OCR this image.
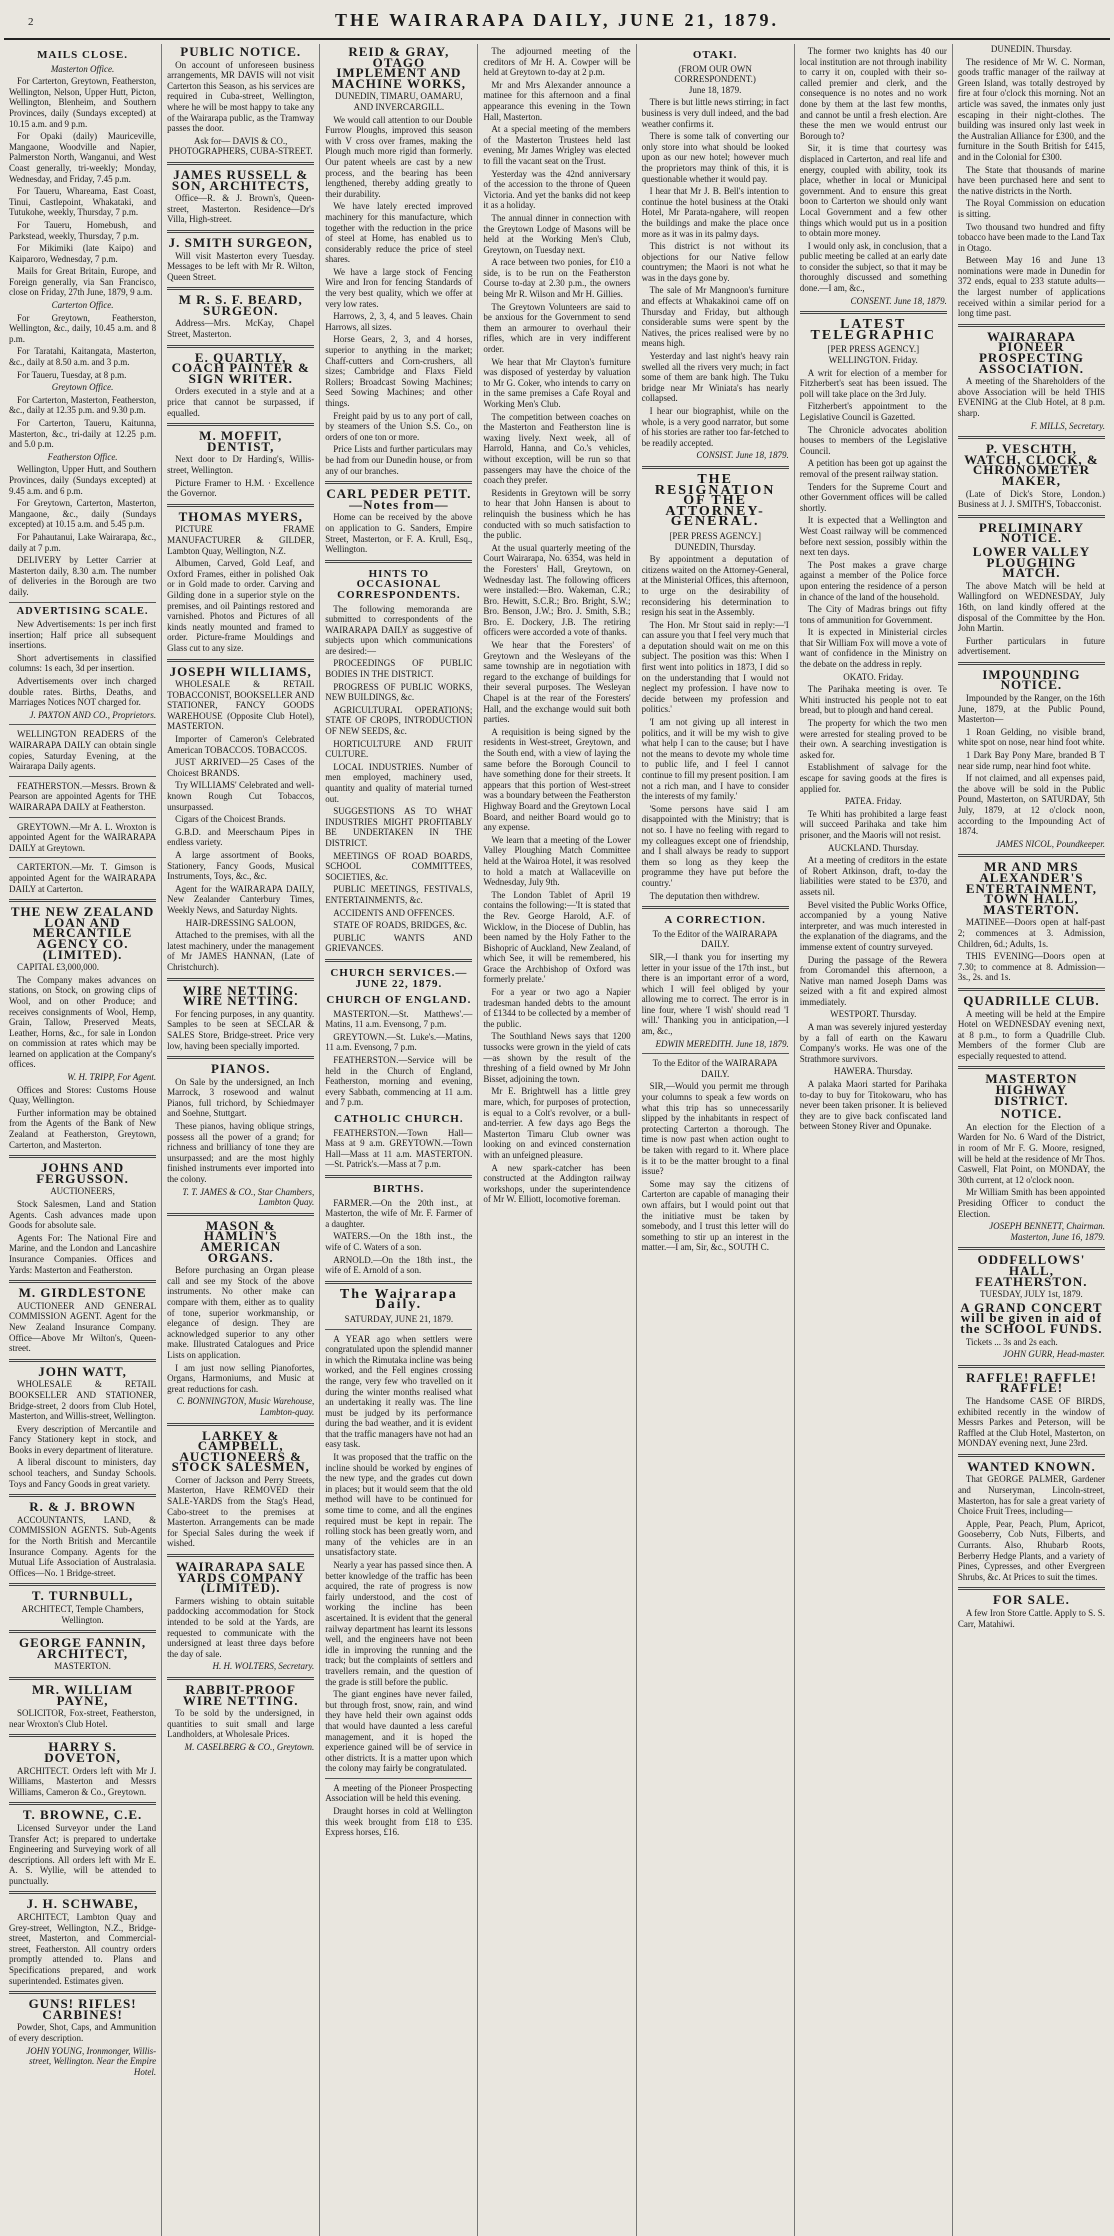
2	THE WAIRARAPA DAILY, JUNE 21, 1879.
MAILS CLOSE.
Masterton Office.

For Carterton, Greytown, Featherston, Wellington, Nelson, Upper Hutt, Picton, Wellington, Blenheim, and Southern Provinces, daily (Sundays excepted) at 10.15 a.m. and 9 p.m.

For Opaki (daily) Mauriceville, Mangaone, Woodville and Napier, Palmerston North, Wanganui, and West Coast generally, tri-weekly; Monday, Wednesday, and Friday, 7.45 p.m.

For Taueru, Whareama, East Coast, Tinui, Castlepoint, Whakataki, and Tutukohe, weekly, Thursday, 7 p.m.

For Taueru, Homebush, and Parkstead, weekly, Thursday, 7 p.m.

For Mikimiki (late Kaipo) and Kaiparoro, Wednesday, 7 p.m.

Mails for Great Britain, Europe, and Foreign generally, via San Francisco, close on Friday, 27th June, 1879, 9 a.m.

Carterton Office.

For Greytown, Featherston, Wellington, &c., daily, 10.45 a.m. and 8 p.m.

For Taratahi, Kaitangata, Masterton, &c., daily at 8.50 a.m. and 3 p.m.

For Taueru, Tuesday, at 8 p.m.

Greytown Office.

For Carterton, Masterton, Featherston, &c., daily at 12.35 p.m. and 9.30 p.m.

For Carterton, Taueru, Kaitunna, Masterton, &c., tri-daily at 12.25 p.m. and 5.0 p.m.

Featherston Office.

Wellington, Upper Hutt, and Southern Provinces, daily (Sundays excepted) at 9.45 a.m. and 6 p.m.

For Greytown, Carterton, Masterton, Mangaone, &c., daily (Sundays excepted) at 10.15 a.m. and 5.45 p.m.

For Pahautanui, Lake Wairarapa, &c., daily at 7 p.m.

DELIVERY by Letter Carrier at Masterton daily, 8.30 a.m. The number of deliveries in the Borough are two daily.

ADVERTISING SCALE.

New Advertisements: 1s per inch first insertion; Half price all subsequent insertions.

Short advertisements in classified columns: 1s each, 3d per insertion.

Advertisements over inch charged double rates. Births, Deaths, and Marriages Notices NOT charged for.

J. PAXTON AND CO., Proprietors.

WELLINGTON READERS of the WAIRARAPA DAILY can obtain single copies, Saturday Evening, at the Wairarapa Daily agents.

FEATHERSTON.—Messrs. Brown & Pearson are appointed Agents for THE WAIRARAPA DAILY at Featherston.

GREYTOWN.—Mr A. L. Wroxton is appointed Agent for the WAIRARAPA DAILY at Greytown.

CARTERTON.—Mr. T. Gimson is appointed Agent for the WAIRARAPA DAILY at Carterton.

THE NEW ZEALAND LOAN AND MERCANTILE AGENCY CO. (LIMITED).

CAPITAL £3,000,000.

The Company makes advances on stations, on Stock, on growing clips of Wool, and on other Produce; and receives consignments of Wool, Hemp, Grain, Tallow, Preserved Meats, Leather, Horns, &c., for sale in London on commission at rates which may be learned on application at the Company's offices.

W. H. TRIPP, For Agent.

Offices and Stores: Customs House Quay, Wellington.

Further information may be obtained from the Agents of the Bank of New Zealand at Featherston, Greytown, Carterton, and Masterton.

JOHNS AND FERGUSSON.
AUCTIONEERS,

Stock Salesmen, Land and Station Agents. Cash advances made upon Goods for absolute sale.

Agents For: The National Fire and Marine, and the London and Lancashire Insurance Companies. Offices and Yards: Masterton and Featherston.

M. GIRDLESTONE

AUCTIONEER AND GENERAL COMMISSION AGENT. Agent for the New Zealand Insurance Company. Office—Above Mr Wilton's, Queen-street.

JOHN WATT,

WHOLESALE & RETAIL BOOKSELLER AND STATIONER, Bridge-street, 2 doors from Club Hotel, Masterton, and Willis-street, Wellington.

Every description of Mercantile and Fancy Stationery kept in stock, and Books in every department of literature.

A liberal discount to ministers, day school teachers, and Sunday Schools. Toys and Fancy Goods in great variety.

R. & J. BROWN

ACCOUNTANTS, LAND, & COMMISSION AGENTS. Sub-Agents for the North British and Mercantile Insurance Company. Agents for the Mutual Life Association of Australasia. Offices—No. 1 Bridge-street.

T. TURNBULL,
ARCHITECT, Temple Chambers, Wellington.
GEORGE FANNIN, ARCHITECT,
MASTERTON.
MR. WILLIAM PAYNE,

SOLICITOR, Fox-street, Featherston, near Wroxton's Club Hotel.

HARRY S. DOVETON,

ARCHITECT. Orders left with Mr J. Williams, Masterton and Messrs Williams, Cameron & Co., Greytown.

T. BROWNE, C.E.

Licensed Surveyor under the Land Transfer Act; is prepared to undertake Engineering and Surveying work of all descriptions. All orders left with Mr E. A. S. Wyllie, will be attended to punctually.

J. H. SCHWABE,

ARCHITECT, Lambton Quay and Grey-street, Wellington, N.Z., Bridge-street, Masterton, and Commercial-street, Featherston. All country orders promptly attended to. Plans and Specifications prepared, and work superintended. Estimates given.

GUNS! RIFLES! CARBINES!

Powder, Shot, Caps, and Ammunition of every description.

JOHN YOUNG, Ironmonger, Willis-street, Wellington. Near the Empire Hotel.
PUBLIC NOTICE.

On account of unforeseen business arrangements, MR DAVIS will not visit Carterton this Season, as his services are required in Cuba-street, Wellington, where he will be most happy to take any of the Wairarapa public, as the Tramway passes the door.

Ask for— DAVIS & CO., PHOTOGRAPHERS, CUBA-STREET.
JAMES RUSSELL & SON, ARCHITECTS,

Office—R. & J. Brown's, Queen-street, Masterton. Residence—Dr's Villa, High-street.

J. SMITH SURGEON,

Will visit Masterton every Tuesday. Messages to be left with Mr R. Wilton, Queen Street.

M R. S. F. BEARD, SURGEON.

Address—Mrs. McKay, Chapel Street, Masterton.

E. QUARTLY, COACH PAINTER & SIGN WRITER.

Orders executed in a style and at a price that cannot be surpassed, if equalled.

M. MOFFIT, DENTIST,

Next door to Dr Harding's, Willis-street, Wellington.

Picture Framer to H.M. · Excellence the Governor.

THOMAS MYERS,

PICTURE FRAME MANUFACTURER & GILDER, Lambton Quay, Wellington, N.Z.

Albumen, Carved, Gold Leaf, and Oxford Frames, either in polished Oak or in Gold made to order. Carving and Gilding done in a superior style on the premises, and oil Paintings restored and varnished. Photos and Pictures of all kinds neatly mounted and framed to order. Picture-frame Mouldings and Glass cut to any size.

JOSEPH WILLIAMS,

WHOLESALE & RETAIL TOBACCONIST, BOOKSELLER AND STATIONER, FANCY GOODS WAREHOUSE (Opposite Club Hotel), MASTERTON.

Importer of Cameron's Celebrated American TOBACCOS. TOBACCOS.

JUST ARRIVED—25 Cases of the Choicest BRANDS.

Try WILLIAMS' Celebrated and well-known Rough Cut Tobaccos, unsurpassed.

Cigars of the Choicest Brands.

G.B.D. and Meerschaum Pipes in endless variety.

A large assortment of Books, Stationery, Fancy Goods, Musical Instruments, Toys, &c., &c.

Agent for the WAIRARAPA DAILY, New Zealander Canterbury Times, Weekly News, and Saturday Nights.

HAIR-DRESSING SALOON,

Attached to the premises, with all the latest machinery, under the management of Mr JAMES HANNAN, (Late of Christchurch).

WIRE NETTING. WIRE NETTING.

For fencing purposes, in any quantity. Samples to be seen at SECLAR & SALES Store, Bridge-street. Price very low, having been specially imported.

PIANOS.

On Sale by the undersigned, an Inch Marrock, 3 rosewood and walnut Pianos, full trichord, by Schiedmayer and Soehne, Stuttgart.

These pianos, having oblique strings, possess all the power of a grand; for richness and brilliancy of tone they are unsurpassed; and are the most highly finished instruments ever imported into the colony.

T. T. JAMES & CO., Star Chambers, Lambton Quay.
MASON & HAMLIN'S AMERICAN ORGANS.

Before purchasing an Organ please call and see my Stock of the above instruments. No other make can compare with them, either as to quality of tone, superior workmanship, or elegance of design. They are acknowledged superior to any other make. Illustrated Catalogues and Price Lists on application.

I am just now selling Pianofortes, Organs, Harmoniums, and Music at great reductions for cash.

C. BONNINGTON, Music Warehouse, Lambton-quay.
LARKEY & CAMPBELL, AUCTIONEERS & STOCK SALESMEN,

Corner of Jackson and Perry Streets, Masterton, Have REMOVED their SALE-YARDS from the Stag's Head, Cabo-street to the premises at Masterton. Arrangements can be made for Special Sales during the week if wished.

WAIRARAPA SALE YARDS COMPANY (LIMITED).

Farmers wishing to obtain suitable paddocking accommodation for Stock intended to be sold at the Yards, are requested to communicate with the undersigned at least three days before the day of sale.

H. H. WOLTERS, Secretary.
RABBIT-PROOF WIRE NETTING.

To be sold by the undersigned, in quantities to suit small and large Landholders, at Wholesale Prices.

M. CASELBERG & CO., Greytown.
REID & GRAY, OTAGO IMPLEMENT AND MACHINE WORKS,
DUNEDIN, TIMARU, OAMARU, AND INVERCARGILL.

We would call attention to our Double Furrow Ploughs, improved this season with V cross over frames, making the Plough much more rigid than formerly. Our patent wheels are cast by a new process, and the bearing has been lengthened, thereby adding greatly to their durability.

We have lately erected improved machinery for this manufacture, which together with the reduction in the price of steel at Home, has enabled us to considerably reduce the price of steel shares.

We have a large stock of Fencing Wire and Iron for fencing Standards of the very best quality, which we offer at very low rates.

Harrows, 2, 3, 4, and 5 leaves. Chain Harrows, all sizes.

Horse Gears, 2, 3, and 4 horses, superior to anything in the market; Chaff-cutters and Corn-crushers, all sizes; Cambridge and Flaxs Field Rollers; Broadcast Sowing Machines; Seed Sowing Machines; and other things.

Freight paid by us to any port of call, by steamers of the Union S.S. Co., on orders of one ton or more.

Price Lists and further particulars may be had from our Dunedin house, or from any of our branches.

CARL PEDER PETIT.—Notes from—

Home can be received by the above on application to G. Sanders, Empire Street, Masterton, or F. A. Krull, Esq., Wellington.

HINTS TO OCCASIONAL CORRESPONDENTS.

The following memoranda are submitted to correspondents of the WAIRARAPA DAILY as suggestive of subjects upon which communications are desired:—

PROCEEDINGS OF PUBLIC BODIES IN THE DISTRICT.

PROGRESS OF PUBLIC WORKS, NEW BUILDINGS, &c.

AGRICULTURAL OPERATIONS; STATE OF CROPS, INTRODUCTION OF NEW SEEDS, &c.

HORTICULTURE AND FRUIT CULTURE.

LOCAL INDUSTRIES. Number of men employed, machinery used, quantity and quality of material turned out.

SUGGESTIONS AS TO WHAT INDUSTRIES MIGHT PROFITABLY BE UNDERTAKEN IN THE DISTRICT.

MEETINGS OF ROAD BOARDS, SCHOOL COMMITTEES, SOCIETIES, &c.

PUBLIC MEETINGS, FESTIVALS, ENTERTAINMENTS, &c.

ACCIDENTS AND OFFENCES.

STATE OF ROADS, BRIDGES, &c.

PUBLIC WANTS AND GRIEVANCES.

CHURCH SERVICES.—JUNE 22, 1879.
CHURCH OF ENGLAND.

MASTERTON.—St. Matthews'.—Matins, 11 a.m. Evensong, 7 p.m.

GREYTOWN.—St. Luke's.—Matins, 11 a.m. Evensong, 7 p.m.

FEATHERSTON.—Service will be held in the Church of England, Featherston, morning and evening, every Sabbath, commencing at 11 a.m. and 7 p.m.

CATHOLIC CHURCH.

FEATHERSTON.—Town Hall—Mass at 9 a.m. GREYTOWN.—Town Hall—Mass at 11 a.m. MASTERTON.—St. Patrick's.—Mass at 7 p.m.

BIRTHS.

FARMER.—On the 20th inst., at Masterton, the wife of Mr. F. Farmer of a daughter.

WATERS.—On the 18th inst., the wife of C. Waters of a son.

ARNOLD.—On the 18th inst., the wife of E. Arnold of a son.

The Wairarapa Daily.
SATURDAY, JUNE 21, 1879.

A YEAR ago when settlers were congratulated upon the splendid manner in which the Rimutaka incline was being worked, and the Fell engines crossing the range, very few who travelled on it during the winter months realised what an undertaking it really was. The line must be judged by its performance during the bad weather, and it is evident that the traffic managers have not had an easy task.

It was proposed that the traffic on the incline should be worked by engines of the new type, and the grades cut down in places; but it would seem that the old method will have to be continued for some time to come, and all the engines required must be kept in repair. The rolling stock has been greatly worn, and many of the vehicles are in an unsatisfactory state.

Nearly a year has passed since then. A better knowledge of the traffic has been acquired, the rate of progress is now fairly understood, and the cost of working the incline has been ascertained. It is evident that the general railway department has learnt its lessons well, and the engineers have not been idle in improving the running and the track; but the complaints of settlers and travellers remain, and the question of the grade is still before the public.

The giant engines have never failed, but through frost, snow, rain, and wind they have held their own against odds that would have daunted a less careful management, and it is hoped the experience gained will be of service in other districts. It is a matter upon which the colony may fairly be congratulated.

A meeting of the Pioneer Prospecting Association will be held this evening.

Draught horses in cold at Wellington this week brought from £18 to £35. Express horses, £16.

The adjourned meeting of the creditors of Mr H. A. Cowper will be held at Greytown to-day at 2 p.m.

Mr and Mrs Alexander announce a matinee for this afternoon and a final appearance this evening in the Town Hall, Masterton.

At a special meeting of the members of the Masterton Trustees held last evening, Mr James Wrigley was elected to fill the vacant seat on the Trust.

Yesterday was the 42nd anniversary of the accession to the throne of Queen Victoria. And yet the banks did not keep it as a holiday.

The annual dinner in connection with the Greytown Lodge of Masons will be held at the Working Men's Club, Greytown, on Tuesday next.

A race between two ponies, for £10 a side, is to be run on the Featherston Course to-day at 2.30 p.m., the owners being Mr R. Wilson and Mr H. Gillies.

The Greytown Volunteers are said to be anxious for the Government to send them an armourer to overhaul their rifles, which are in very indifferent order.

We hear that Mr Clayton's furniture was disposed of yesterday by valuation to Mr G. Coker, who intends to carry on in the same premises a Cafe Royal and Working Men's Club.

The competition between coaches on the Masterton and Featherston line is waxing lively. Next week, all of Harrold, Hanna, and Co.'s vehicles, without exception, will be run so that passengers may have the choice of the coach they prefer.

Residents in Greytown will be sorry to hear that John Hansen is about to relinquish the business which he has conducted with so much satisfaction to the public.

At the usual quarterly meeting of the Court Wairarapa, No. 6354, was held in the Foresters' Hall, Greytown, on Wednesday last. The following officers were installed:—Bro. Wakeman, C.R.; Bro. Hewitt, S.C.R.; Bro. Bright, S.W.; Bro. Benson, J.W.; Bro. J. Smith, S.B.; Bro. E. Dockery, J.B. The retiring officers were accorded a vote of thanks.

We hear that the Foresters' of Greytown and the Wesleyans of the same township are in negotiation with regard to the exchange of buildings for their several purposes. The Wesleyan Chapel is at the rear of the Foresters' Hall, and the exchange would suit both parties.

A requisition is being signed by the residents in West-street, Greytown, and the South end, with a view of laying the same before the Borough Council to have something done for their streets. It appears that this portion of West-street was a boundary between the Featherston Highway Board and the Greytown Local Board, and neither Board would go to any expense.

We learn that a meeting of the Lower Valley Ploughing Match Committee held at the Wairoa Hotel, it was resolved to hold a match at Wallaceville on Wednesday, July 9th.

The London Tablet of April 19 contains the following:—'It is stated that the Rev. George Harold, A.F. of Wicklow, in the Diocese of Dublin, has been named by the Holy Father to the Bishopric of Auckland, New Zealand, of which See, it will be remembered, his Grace the Archbishop of Oxford was formerly prelate.'

For a year or two ago a Napier tradesman handed debts to the amount of £1344 to be collected by a member of the public.

The Southland News says that 1200 tussocks were grown in the yield of cats—as shown by the result of the threshing of a field owned by Mr John Bisset, adjoining the town.

Mr E. Brightwell has a little grey mare, which, for purposes of protection, is equal to a Colt's revolver, or a bull-and-terrier. A few days ago Begs the Masterton Timaru Club owner was looking on and evinced consternation with an unfeigned pleasure.

A new spark-catcher has been constructed at the Addington railway workshops, under the superintendence of Mr W. Elliott, locomotive foreman.

OTAKI.
(FROM OUR OWN CORRESPONDENT.)
June 18, 1879.

There is but little news stirring; in fact business is very dull indeed, and the bad weather confirms it.

There is some talk of converting our only store into what should be looked upon as our new hotel; however much the proprietors may think of this, it is questionable whether it would pay.

I hear that Mr J. B. Bell's intention to continue the hotel business at the Otaki Hotel, Mr Parata-ngahere, will reopen the buildings and make the place once more as it was in its palmy days.

This district is not without its objections for our Native fellow countrymen; the Maori is not what he was in the days gone by.

The sale of Mr Mangnoon's furniture and effects at Whakakinoi came off on Thursday and Friday, but although considerable sums were spent by the Natives, the prices realised were by no means high.

Yesterday and last night's heavy rain swelled all the rivers very much; in fact some of them are bank high. The Tuku bridge near Mr Winiata's has nearly collapsed.

I hear our biographist, while on the whole, is a very good narrator, but some of his stories are rather too far-fetched to be readily accepted.

CONSIST. June 18, 1879.
THE RESIGNATION OF THE ATTORNEY-GENERAL.
[PER PRESS AGENCY.]
DUNEDIN, Thursday.

By appointment a deputation of citizens waited on the Attorney-General, at the Ministerial Offices, this afternoon, to urge on the desirability of reconsidering his determination to resign his seat in the Assembly.

The Hon. Mr Stout said in reply:—'I can assure you that I feel very much that a deputation should wait on me on this subject. The position was this: When I first went into politics in 1873, I did so on the understanding that I would not neglect my profession. I have now to decide between my profession and politics.'

'I am not giving up all interest in politics, and it will be my wish to give what help I can to the cause; but I have not the means to devote my whole time to public life, and I feel I cannot continue to fill my present position. I am not a rich man, and I have to consider the interests of my family.'

'Some persons have said I am disappointed with the Ministry; that is not so. I have no feeling with regard to my colleagues except one of friendship, and I shall always be ready to support them so long as they keep the programme they have put before the country.'

The deputation then withdrew.

A CORRECTION.
To the Editor of the WAIRARAPA DAILY.

SIR,—I thank you for inserting my letter in your issue of the 17th inst., but there is an important error of a word, which I will feel obliged by your allowing me to correct. The error is in line four, where 'I wish' should read 'I will.' Thanking you in anticipation,—I am, &c.,

EDWIN MEREDITH. June 18, 1879.
To the Editor of the WAIRARAPA DAILY.

SIR,—Would you permit me through your columns to speak a few words on what this trip has so unnecessarily slipped by the inhabitants in respect of protecting Carterton a thorough. The time is now past when action ought to be taken with regard to it. Where place is it to be the matter brought to a final issue?

Some may say the citizens of Carterton are capable of managing their own affairs, but I would point out that the initiative must be taken by somebody, and I trust this letter will do something to stir up an interest in the matter.—I am, Sir, &c., SOUTH C.

The former two knights has 40 our local institution are not through inability to carry it on, coupled with their so-called premier and clerk, and the consequence is no notes and no work done by them at the last few months, and cannot be until a fresh election. Are these the men we would entrust our Borough to?

Sir, it is time that courtesy was displaced in Carterton, and real life and energy, coupled with ability, took its place, whether in local or Municipal government. And to ensure this great boon to Carterton we should only want Local Government and a few other things which would put us in a position to obtain more money.

I would only ask, in conclusion, that a public meeting be called at an early date to consider the subject, so that it may be thoroughly discussed and something done.—I am, &c.,

CONSENT. June 18, 1879.
LATEST TELEGRAPHIC
[PER PRESS AGENCY.]
WELLINGTON. Friday.

A writ for election of a member for Fitzherbert's seat has been issued. The poll will take place on the 3rd July.

Fitzherbert's appointment to the Legislative Council is Gazetted.

The Chronicle advocates abolition houses to members of the Legislative Council.

A petition has been got up against the removal of the present railway station.

Tenders for the Supreme Court and other Government offices will be called shortly.

It is expected that a Wellington and West Coast railway will be commenced before next session, possibly within the next ten days.

The Post makes a grave charge against a member of the Police force upon entering the residence of a person in chance of the land of the household.

The City of Madras brings out fifty tons of ammunition for Government.

It is expected in Ministerial circles that Sir William Fox will move a vote of want of confidence in the Ministry on the debate on the address in reply.

OKATO. Friday.

The Parihaka meeting is over. Te Whiti instructed his people not to eat bread, but to plough and hand cereal.

The property for which the two men were arrested for stealing proved to be their own. A searching investigation is asked for.

Establishment of salvage for the escape for saving goods at the fires is applied for.

PATEA. Friday.

Te Whiti has prohibited a large feast will succeed Parihaka and take him prisoner, and the Maoris will not resist.

AUCKLAND. Thursday.

At a meeting of creditors in the estate of Robert Atkinson, draft, to-day the liabilities were stated to be £370, and assets nil.

Bevel visited the Public Works Office, accompanied by a young Native interpreter, and was much interested in the explanation of the diagrams, and the immense extent of country surveyed.

During the passage of the Rewera from Coromandel this afternoon, a Native man named Joseph Dams was seized with a fit and expired almost immediately.

WESTPORT. Thursday.

A man was severely injured yesterday by a fall of earth on the Kawaru Company's works. He was one of the Strathmore survivors.

HAWERA. Thursday.

A palaka Maori started for Parihaka to-day to buy for Titokowaru, who has never been taken prisoner. It is believed they are to give back confiscated land between Stoney River and Opunake.

DUNEDIN. Thursday.

The residence of Mr W. C. Norman, goods traffic manager of the railway at Green Island, was totally destroyed by fire at four o'clock this morning. Not an article was saved, the inmates only just escaping in their night-clothes. The building was insured only last week in the Australian Alliance for £300, and the furniture in the South British for £415, and in the Colonial for £300.

The State that thousands of marine have been purchased here and sent to the native districts in the North.

The Royal Commission on education is sitting.

Two thousand two hundred and fifty tobacco have been made to the Land Tax in Otago.

Between May 16 and June 13 nominations were made in Dunedin for 372 ends, equal to 233 statute adults—the largest number of applications received within a similar period for a long time past.

WAIRARAPA PIONEER PROSPECTING ASSOCIATION.

A meeting of the Shareholders of the above Association will be held THIS EVENING at the Club Hotel, at 8 p.m. sharp.

F. MILLS, Secretary.
P. VESCHTH, WATCH, CLOCK, & CHRONOMETER MAKER,

(Late of Dick's Store, London.) Business at J. J. SMITH'S, Tobacconist.

PRELIMINARY NOTICE.
LOWER VALLEY PLOUGHING MATCH.

The above Match will be held at Wallingford on WEDNESDAY, July 16th, on land kindly offered at the disposal of the Committee by the Hon. John Martin.

Further particulars in future advertisement.

IMPOUNDING NOTICE.

Impounded by the Ranger, on the 16th June, 1879, at the Public Pound, Masterton—

1 Roan Gelding, no visible brand, white spot on nose, near hind foot white.

1 Dark Bay Pony Mare, branded B T near side rump, near hind foot white.

If not claimed, and all expenses paid, the above will be sold in the Public Pound, Masterton, on SATURDAY, 5th July, 1879, at 12 o'clock noon, according to the Impounding Act of 1874.

JAMES NICOL, Poundkeeper.
MR AND MRS ALEXANDER'S ENTERTAINMENT, TOWN HALL, MASTERTON.

MATINEE—Doors open at half-past 2; commences at 3. Admission, Children, 6d.; Adults, 1s.

THIS EVENING—Doors open at 7.30; to commence at 8. Admission—3s., 2s. and 1s.

QUADRILLE CLUB.

A meeting will be held at the Empire Hotel on WEDNESDAY evening next, at 8 p.m., to form a Quadrille Club. Members of the former Club are especially requested to attend.

MASTERTON HIGHWAY DISTRICT.
NOTICE.

An election for the Election of a Warden for No. 6 Ward of the District, in room of Mr F. G. Moore, resigned, will be held at the residence of Mr Thos. Caswell, Flat Point, on MONDAY, the 30th current, at 12 o'clock noon.

Mr William Smith has been appointed Presiding Officer to conduct the Election.

JOSEPH BENNETT, Chairman. Masterton, June 16, 1879.
ODDFELLOWS' HALL, FEATHERSTON.
TUESDAY, JULY 1st, 1879.
A GRAND CONCERT will be given in aid of the SCHOOL FUNDS.

Tickets ... 3s and 2s each.

JOHN GURR, Head-master.
RAFFLE! RAFFLE! RAFFLE!

The Handsome CASE OF BIRDS, exhibited recently in the window of Messrs Parkes and Peterson, will be Raffled at the Club Hotel, Masterton, on MONDAY evening next, June 23rd.

WANTED KNOWN.

That GEORGE PALMER, Gardener and Nurseryman, Lincoln-street, Masterton, has for sale a great variety of Choice Fruit Trees, including—

Apple, Pear, Peach, Plum, Apricot, Gooseberry, Cob Nuts, Filberts, and Currants. Also, Rhubarb Roots, Berberry Hedge Plants, and a variety of Pines, Cypresses, and other Evergreen Shrubs, &c. At Prices to suit the times.

FOR SALE.

A few Iron Store Cattle. Apply to S. S. Carr, Matahiwi.
